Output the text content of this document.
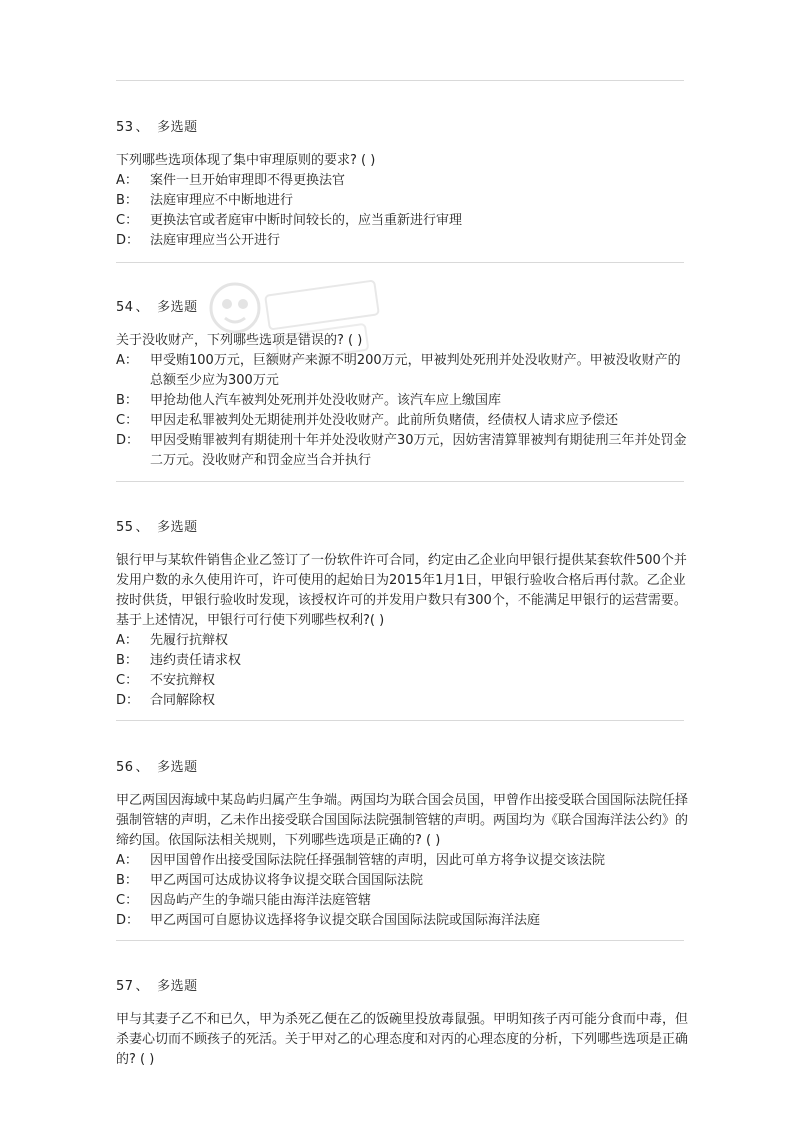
53 、 多选题

下列哪些选项体现了集中审理原则的要求? ( )

A： 案件一旦开始审理即不得更换法官
B： 法庭审理应不中断地进行
C： 更换法官或者庭审中断时间较长的，应当重新进行审理
D： 法庭审理应当公开进行
54 、 多选题

关于没收财产，下列哪些选项是错误的? ( )

A： 甲受贿100万元，巨额财产来源不明200万元，甲被判处死刑并处没收财产。甲被没收财产的总额至少应为300万元
B： 甲抢劫他人汽车被判处死刑并处没收财产。该汽车应上缴国库
C： 甲因走私罪被判处无期徒刑并处没收财产。此前所负赌债，经债权人请求应予偿还
D： 甲因受贿罪被判有期徒刑十年并处没收财产30万元，因妨害清算罪被判有期徒刑三年并处罚金二万元。没收财产和罚金应当合并执行
55 、 多选题

银行甲与某软件销售企业乙签订了一份软件许可合同，约定由乙企业向甲银行提供某套软件500个并发用户数的永久使用许可，许可使用的起始日为2015年1月1日，甲银行验收合格后再付款。乙企业按时供货，甲银行验收时发现，该授权许可的并发用户数只有300个，不能满足甲银行的运营需要。基于上述情况，甲银行可行使下列哪些权利?( )

A： 先履行抗辩权
B： 违约责任请求权
C： 不安抗辩权
D： 合同解除权
56 、 多选题

甲乙两国因海域中某岛屿归属产生争端。两国均为联合国会员国，甲曾作出接受联合国国际法院任择强制管辖的声明，乙未作出接受联合国国际法院强制管辖的声明。两国均为《联合国海洋法公约》的缔约国。依国际法相关规则，下列哪些选项是正确的? ( )

A： 因甲国曾作出接受国际法院任择强制管辖的声明，因此可单方将争议提交该法院
B： 甲乙两国可达成协议将争议提交联合国国际法院
C： 因岛屿产生的争端只能由海洋法庭管辖
D： 甲乙两国可自愿协议选择将争议提交联合国国际法院或国际海洋法庭
57 、 多选题

甲与其妻子乙不和已久，甲为杀死乙便在乙的饭碗里投放毒鼠强。甲明知孩子丙可能分食而中毒，但杀妻心切而不顾孩子的死活。关于甲对乙的心理态度和对丙的心理态度的分析，下列哪些选项是正确的? ( )
